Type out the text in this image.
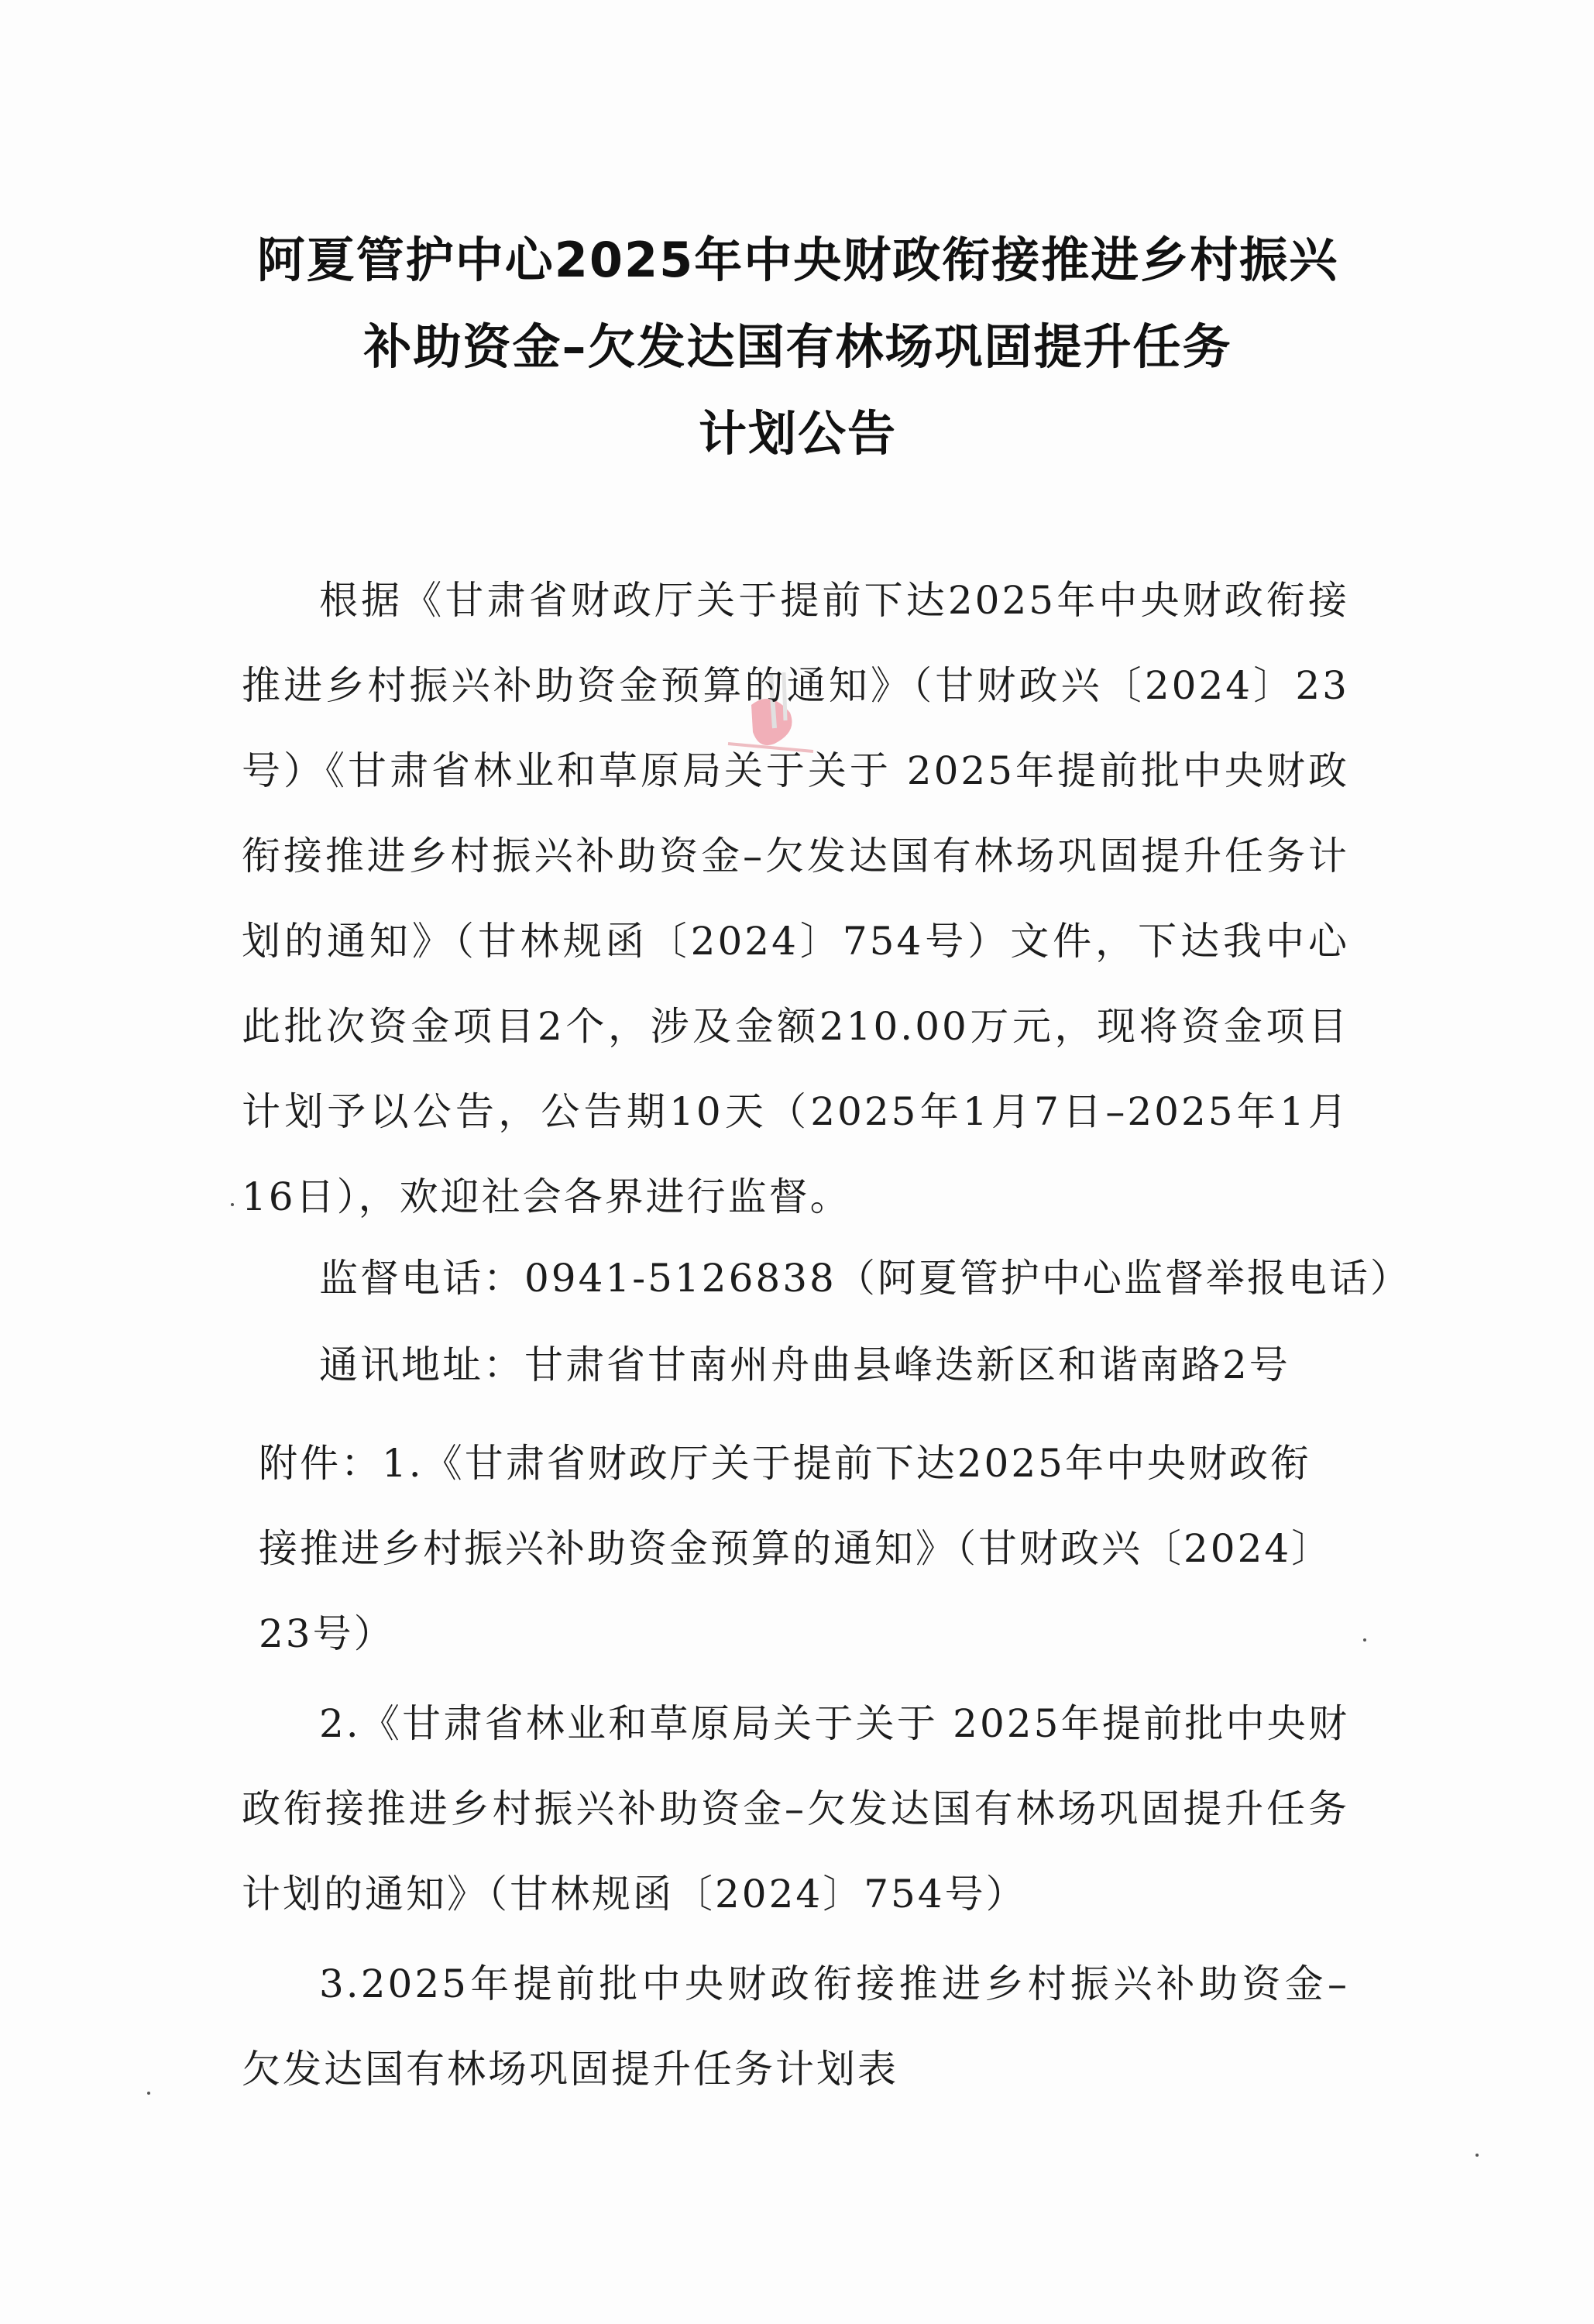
阿夏管护中心2025年中央财政衔接推进乡村振兴
补助资金–欠发达国有林场巩固提升任务
计划公告

根据《甘肃省财政厅关于提前下达2025年中央财政衔接推进乡村振兴补助资金预算的通知》（甘财政兴〔2024〕23号）《甘肃省林业和草原局关于关于 2025年提前批中央财政衔接推进乡村振兴补助资金–欠发达国有林场巩固提升任务计划的通知》（甘林规函〔2024〕754号）文件，下达我中心此批次资金项目2个，涉及金额210.00万元，现将资金项目计划予以公告，公告期10天（2025年1月7日–2025年1月16日），欢迎社会各界进行监督。

监督电话：0941-5126838（阿夏管护中心监督举报电话）
通讯地址：甘肃省甘南州舟曲县峰迭新区和谐南路2号

附件：1.《甘肃省财政厅关于提前下达2025年中央财政衔接推进乡村振兴补助资金预算的通知》（甘财政兴〔2024〕23号）

2.《甘肃省林业和草原局关于关于 2025年提前批中央财政衔接推进乡村振兴补助资金–欠发达国有林场巩固提升任务计划的通知》（甘林规函〔2024〕754号）

3.2025年提前批中央财政衔接推进乡村振兴补助资金–欠发达国有林场巩固提升任务计划表
